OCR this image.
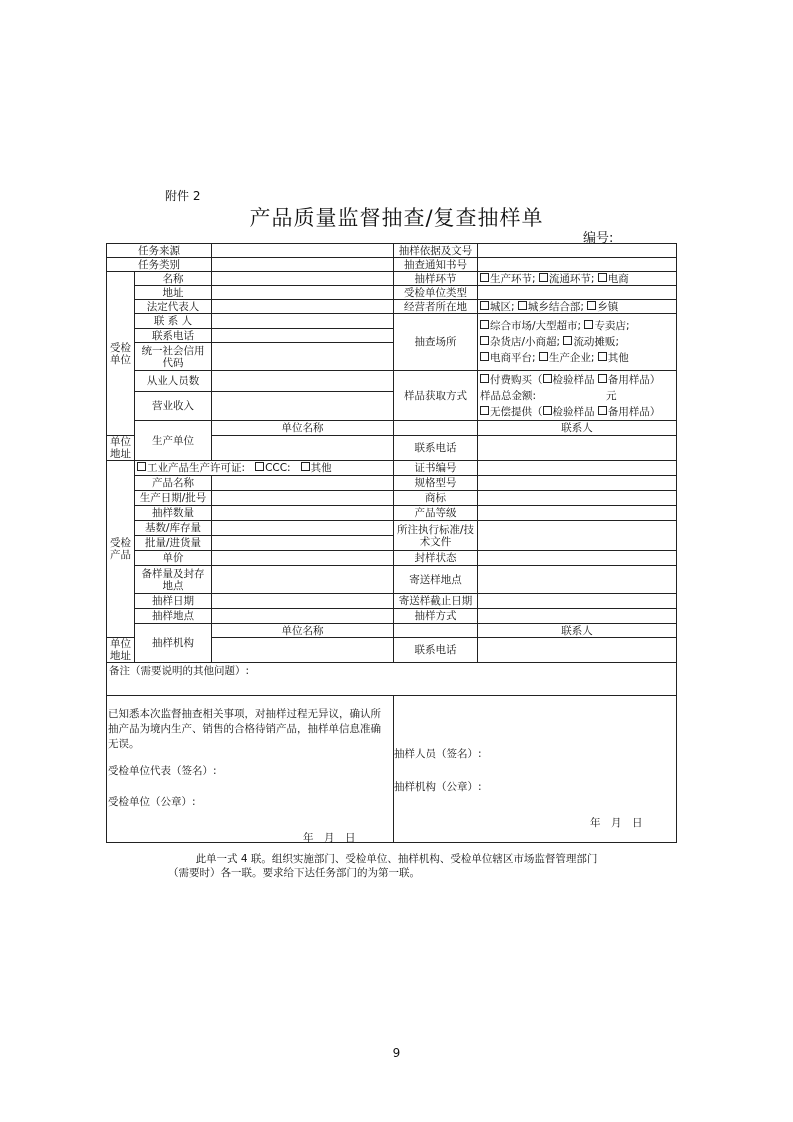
附件 2
产品质量监督抽查/复查抽样单
编号:
任务来源			抽样依据及文号		
任务类别			抽查通知书号		
受检单位	名称		抽样环节	生产环节; 流通环节; 电商	
	地址		受检单位类型		
	法定代表人		经营者所在地	城区; 城乡结合部; 乡镇	
	联 系 人		抽查场所	综合市场/大型超市; 专卖店;
杂货店/小商超; 流动摊贩;
电商平台; 生产企业; 其他	
	联系电话				
	统一社会信用代码				
	从业人员数		样品获取方式	付费购买（ 检验样品 备用样品）
样品总金额: 元
无偿提供（ 检验样品 备用样品）	
	营业收入				
	生产单位	单位名称		联系人	
单位地址			联系电话		
受检产品	工业产品生产许可证: CCC: 其他		证书编号		
	产品名称		规格型号		
	生产日期/批号		商标		
	抽样数量		产品等级		
	基数/库存量		所注执行标准/技术文件		
	批量/进货量				
	单价		封样状态		
	备样量及封存地点		寄送样地点		
	抽样日期		寄送样截止日期		
	抽样地点		抽样方式		
	抽样机构	单位名称		联系人	
单位地址			联系电话		
备注（需要说明的其他问题）:					

已知悉本次监督抽查相关事项，对抽样过程无异议，确认所抽产品为境内生产、销售的合格待销产品，抽样单信息准确无误。
受检单位代表（签名）:
受检单位（公章）:
年　月　日
抽样人员（签名）:
抽样机构（公章）:
年　月　日
此单一式 4 联。组织实施部门、受检单位、抽样机构、受检单位辖区市场监督管理部门
（需要时）各一联。要求给下达任务部门的为第一联。
9
